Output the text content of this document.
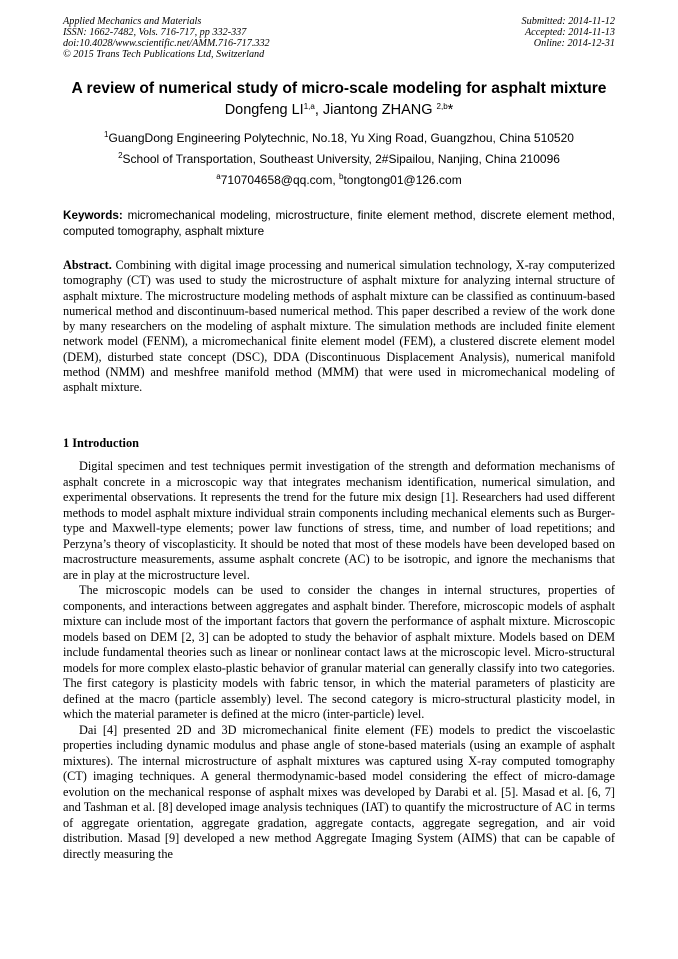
Applied Mechanics and Materials
ISSN: 1662-7482, Vols. 716-717, pp 332-337
doi:10.4028/www.scientific.net/AMM.716-717.332
© 2015 Trans Tech Publications Ltd, Switzerland
Submitted: 2014-11-12
Accepted: 2014-11-13
Online: 2014-12-31
A review of numerical study of micro-scale modeling for asphalt mixture
Dongfeng LI$^{1,a}$, Jiantong ZHANG $^{2,b}$*
$^1$GuangDong Engineering Polytechnic, No.18, Yu Xing Road, Guangzhou, China 510520
$^2$School of Transportation, Southeast University, 2#Sipailou, Nanjing, China 210096
$^a$710704658@qq.com, $^b$tongtong01@126.com
Keywords: micromechanical modeling, microstructure, finite element method, discrete element method, computed tomography, asphalt mixture
Abstract. Combining with digital image processing and numerical simulation technology, X-ray computerized tomography (CT) was used to study the microstructure of asphalt mixture for analyzing internal structure of asphalt mixture. The microstructure modeling methods of asphalt mixture can be classified as continuum-based numerical method and discontinuum-based numerical method. This paper described a review of the work done by many researchers on the modeling of asphalt mixture. The simulation methods are included finite element network model (FENM), a micromechanical finite element model (FEM), a clustered discrete element model (DEM), disturbed state concept (DSC), DDA (Discontinuous Displacement Analysis), numerical manifold method (NMM) and meshfree manifold method (MMM) that were used in micromechanical modeling of asphalt mixture.
1 Introduction

Digital specimen and test techniques permit investigation of the strength and deformation mechanisms of asphalt concrete in a microscopic way that integrates mechanism identification, numerical simulation, and experimental observations. It represents the trend for the future mix design [1]. Researchers had used different methods to model asphalt mixture individual strain components including mechanical elements such as Burger-type and Maxwell-type elements; power law functions of stress, time, and number of load repetitions; and Perzyna’s theory of viscoplasticity. It should be noted that most of these models have been developed based on macrostructure measurements, assume asphalt concrete (AC) to be isotropic, and ignore the mechanisms that are in play at the microstructure level.

The microscopic models can be used to consider the changes in internal structures, properties of components, and interactions between aggregates and asphalt binder. Therefore, microscopic models of asphalt mixture can include most of the important factors that govern the performance of asphalt mixture. Microscopic models based on DEM [2, 3] can be adopted to study the behavior of asphalt mixture. Models based on DEM include fundamental theories such as linear or nonlinear contact laws at the microscopic level. Micro-structural models for more complex elasto-plastic behavior of granular material can generally classify into two categories. The first category is plasticity models with fabric tensor, in which the material parameters of plasticity are defined at the macro (particle assembly) level. The second category is micro-structural plasticity model, in which the material parameter is defined at the micro (inter-particle) level.

Dai [4] presented 2D and 3D micromechanical finite element (FE) models to predict the viscoelastic properties including dynamic modulus and phase angle of stone-based materials (using an example of asphalt mixtures). The internal microstructure of asphalt mixtures was captured using X-ray computed tomography (CT) imaging techniques. A general thermodynamic-based model considering the effect of micro-damage evolution on the mechanical response of asphalt mixes was developed by Darabi et al. [5]. Masad et al. [6, 7] and Tashman et al. [8] developed image analysis techniques (IAT) to quantify the microstructure of AC in terms of aggregate orientation, aggregate gradation, aggregate contacts, aggregate segregation, and air void distribution. Masad [9] developed a new method Aggregate Imaging System (AIMS) that can be capable of directly measuring the
